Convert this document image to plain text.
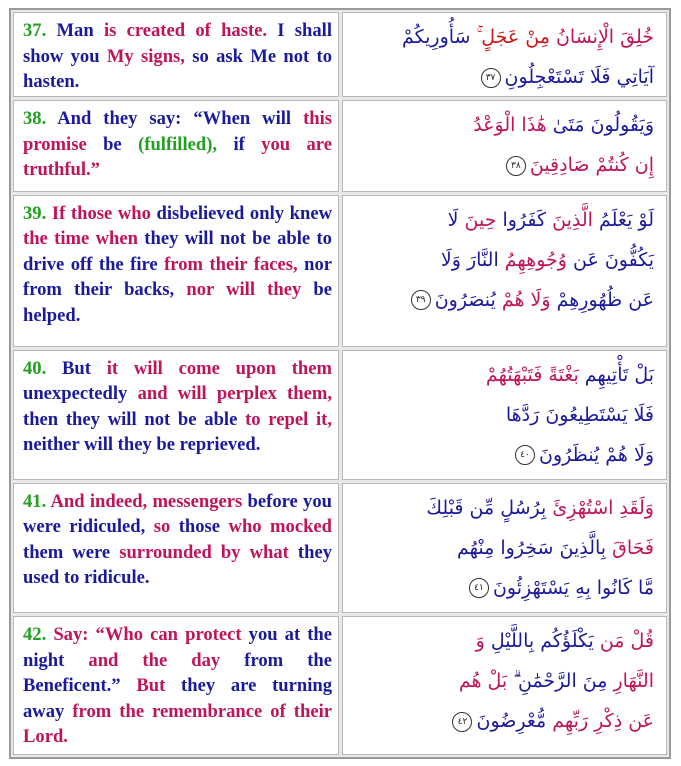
37. Man is created of haste. I shall show you My signs, so ask Me not to hasten.
خُلِقَ الْإِنسَانُ مِنْ عَجَلٍ ۚ سَأُورِيكُمْ
آيَاتِي فَلَا تَسْتَعْجِلُونِ٣٧
38. And they say: “When will this promise be (fulfilled), if you are truthful.”
وَيَقُولُونَ مَتَىٰ هَٰذَا الْوَعْدُ
إِن كُنتُمْ صَادِقِينَ٣٨
39. If those who disbelieved only knew the time when they will not be able to drive off the fire from their faces, nor from their backs, nor will they be helped.
لَوْ يَعْلَمُ الَّذِينَ كَفَرُوا حِينَ لَا
يَكُفُّونَ عَن وُجُوهِهِمُ النَّارَ وَلَا
عَن ظُهُورِهِمْ وَلَا هُمْ يُنصَرُونَ٣٩
40. But it will come upon them unexpectedly and will perplex them, then they will not be able to repel it, neither will they be reprieved.
بَلْ تَأْتِيهِم بَغْتَةً فَتَبْهَتُهُمْ
فَلَا يَسْتَطِيعُونَ رَدَّهَا
وَلَا هُمْ يُنظَرُونَ٤٠
41. And indeed, messengers before you were ridiculed, so those who mocked them were surrounded by what they used to ridicule.
وَلَقَدِ اسْتُهْزِئَ بِرُسُلٍ مِّن قَبْلِكَ
فَحَاقَ بِالَّذِينَ سَخِرُوا مِنْهُم
مَّا كَانُوا بِهِ يَسْتَهْزِئُونَ٤١
42. Say: “Who can protect you at the night and the day from the Beneficent.” But they are turning away from the remembrance of their Lord.
قُلْ مَن يَكْلَؤُكُم بِاللَّيْلِ وَ
النَّهَارِ مِنَ الرَّحْمَٰنِ ۗ بَلْ هُم
عَن ذِكْرِ رَبِّهِم مُّعْرِضُونَ٤٢
